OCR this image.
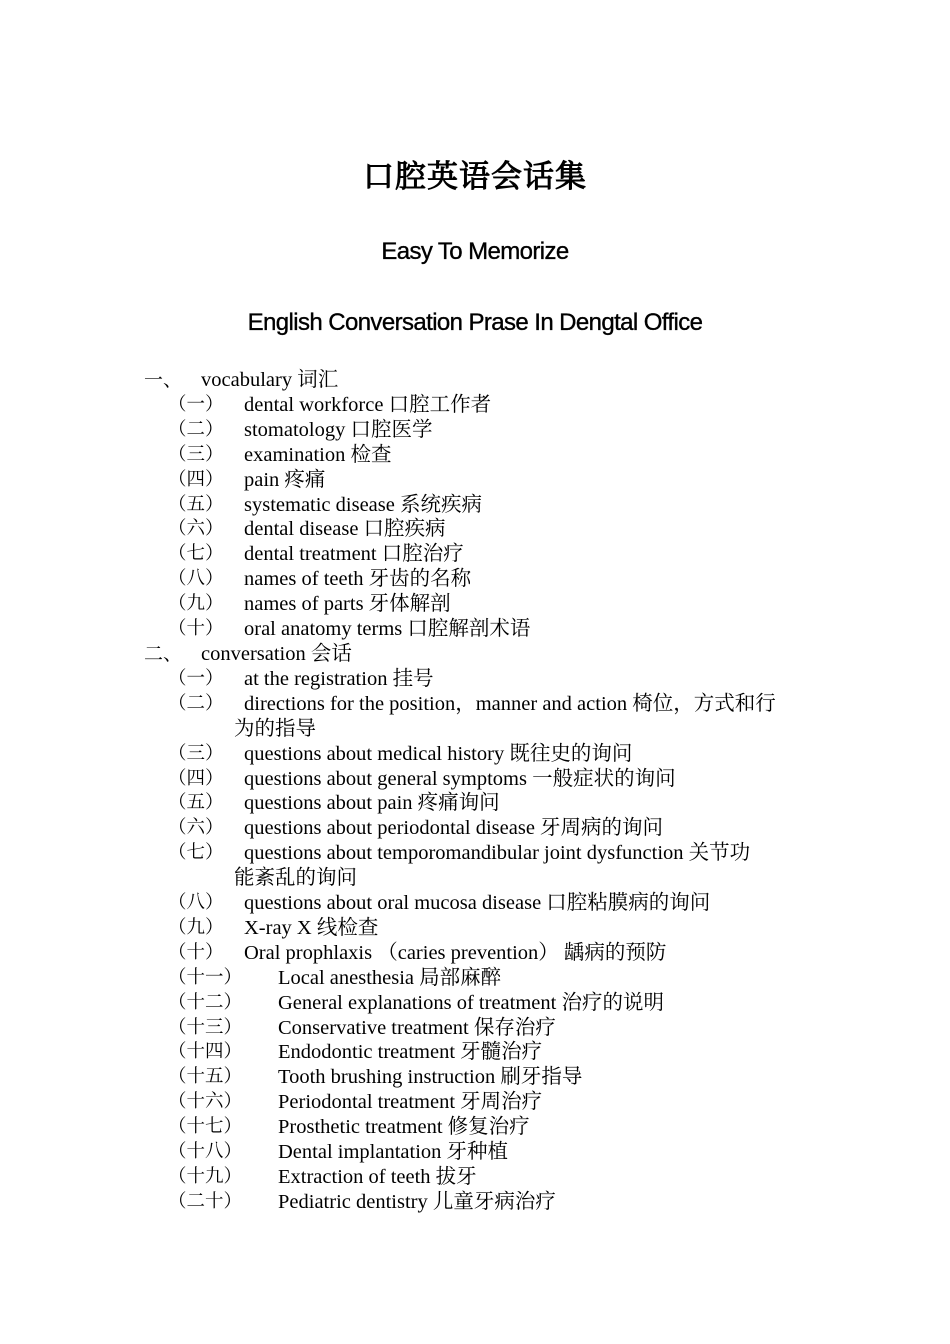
口腔英语会话集
Easy To Memorize
English Conversation Prase In Dengtal Office
一、 vocabulary 词汇
（一） dental workforce 口腔工作者
（二） stomatology 口腔医学
（三） examination 检查
（四） pain 疼痛
（五） systematic disease 系统疾病
（六） dental disease 口腔疾病
（七） dental treatment 口腔治疗
（八） names of teeth 牙齿的名称
（九） names of parts 牙体解剖
（十） oral anatomy terms 口腔解剖术语
二、 conversation 会话
（一） at the registration 挂号
（二） directions for the position，manner and action 椅位，方式和行
为的指导
（三） questions about medical history 既往史的询问
（四） questions about general symptoms 一般症状的询问
（五） questions about pain 疼痛询问
（六） questions about periodontal disease 牙周病的询问
（七） questions about temporomandibular joint dysfunction 关节功
能紊乱的询问
（八） questions about oral mucosa disease 口腔粘膜病的询问
（九） X-ray X 线检查
（十） Oral prophlaxis （caries prevention） 龋病的预防
（十一） Local anesthesia 局部麻醉
（十二） General explanations of treatment 治疗的说明
（十三） Conservative treatment 保存治疗
（十四） Endodontic treatment 牙髓治疗
（十五） Tooth brushing instruction 刷牙指导
（十六） Periodontal treatment 牙周治疗
（十七） Prosthetic treatment 修复治疗
（十八） Dental implantation 牙种植
（十九） Extraction of teeth 拔牙
（二十） Pediatric dentistry 儿童牙病治疗
